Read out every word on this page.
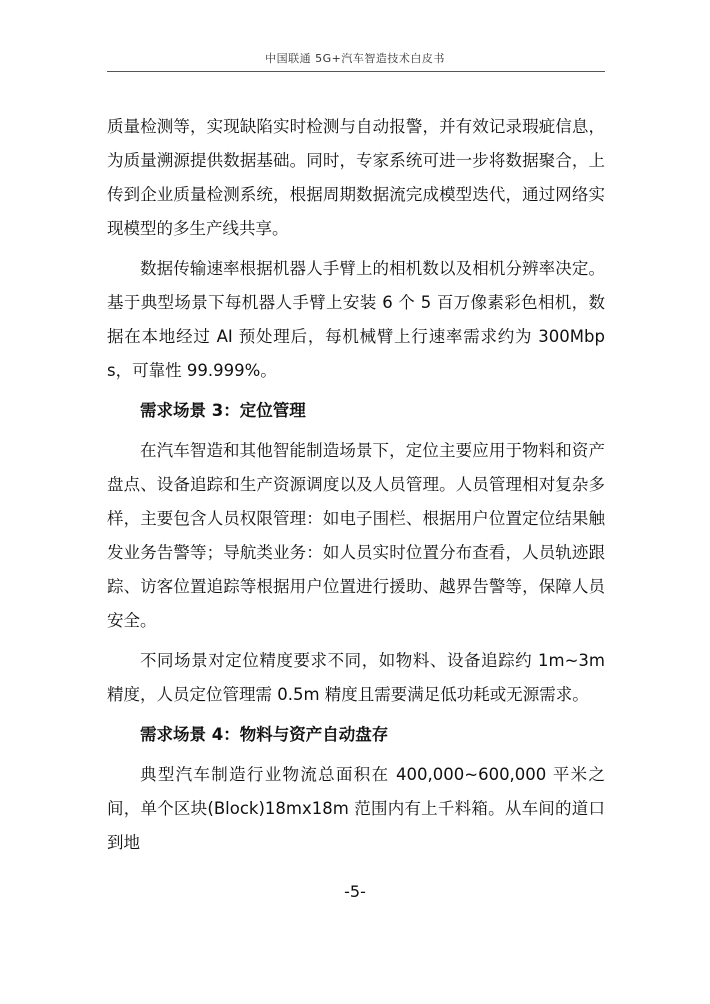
中国联通 5G+汽车智造技术白皮书

质量检测等，实现缺陷实时检测与自动报警，并有效记录瑕疵信息，为质量溯源提供数据基础。同时，专家系统可进一步将数据聚合，上传到企业质量检测系统，根据周期数据流完成模型迭代，通过网络实现模型的多生产线共享。

数据传输速率根据机器人手臂上的相机数以及相机分辨率决定。基于典型场景下每机器人手臂上安装 6 个 5 百万像素彩色相机，数据在本地经过 AI 预处理后，每机械臂上行速率需求约为 300Mbps，可靠性 99.999%。

需求场景 3：定位管理

在汽车智造和其他智能制造场景下，定位主要应用于物料和资产盘点、设备追踪和生产资源调度以及人员管理。人员管理相对复杂多样，主要包含人员权限管理：如电子围栏、根据用户位置定位结果触发业务告警等；导航类业务：如人员实时位置分布查看，人员轨迹跟踪、访客位置追踪等根据用户位置进行援助、越界告警等，保障人员安全。

不同场景对定位精度要求不同，如物料、设备追踪约 1m~3m 精度，人员定位管理需 0.5m 精度且需要满足低功耗或无源需求。

需求场景 4：物料与资产自动盘存

典型汽车制造行业物流总面积在 400,000~600,000 平米之间，单个区块(Block)18mx18m 范围内有上千料箱。从车间的道口到地

-5-
